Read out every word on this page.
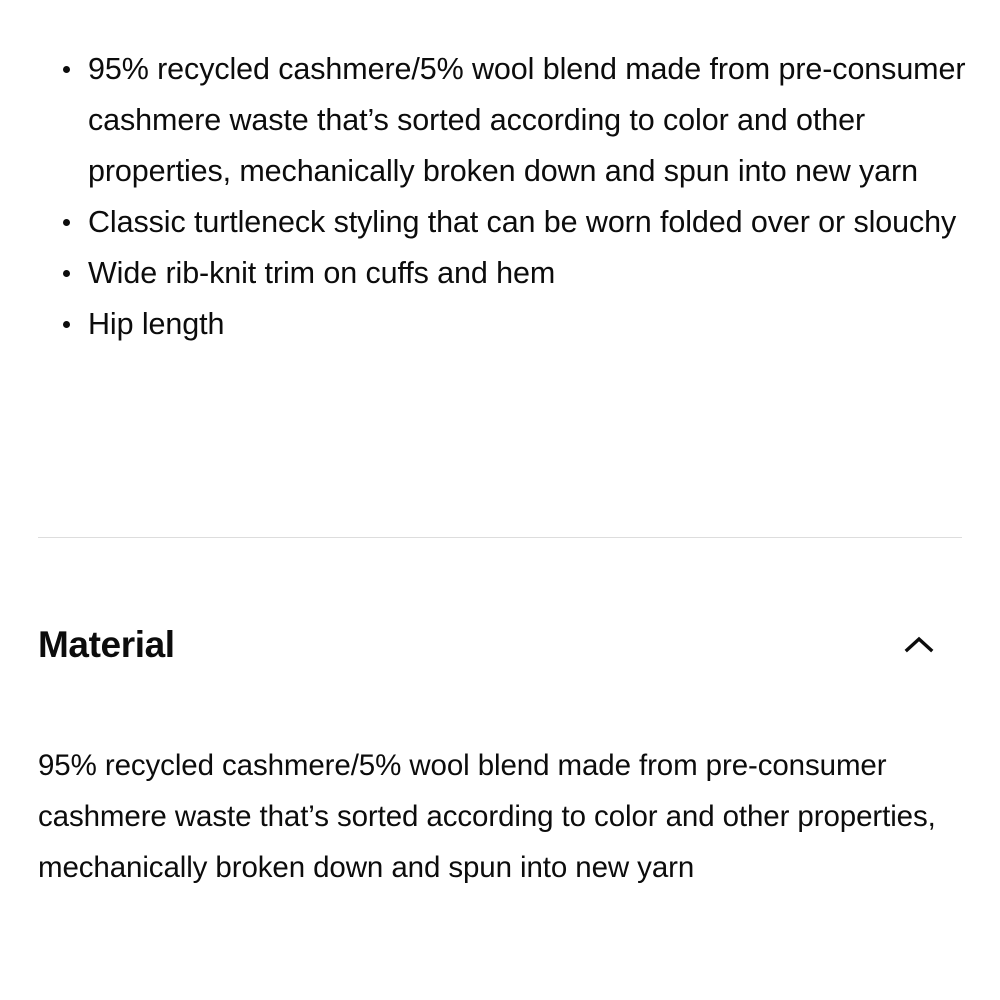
95% recycled cashmere/5% wool blend made from pre-consumer cashmere waste that’s sorted according to color and other properties, mechanically broken down and spun into new yarn
Classic turtleneck styling that can be worn folded over or slouchy
Wide rib-knit trim on cuffs and hem
Hip length
Material
95% recycled cashmere/5% wool blend made from pre-consumer cashmere waste that’s sorted according to color and other properties, mechanically broken down and spun into new yarn
